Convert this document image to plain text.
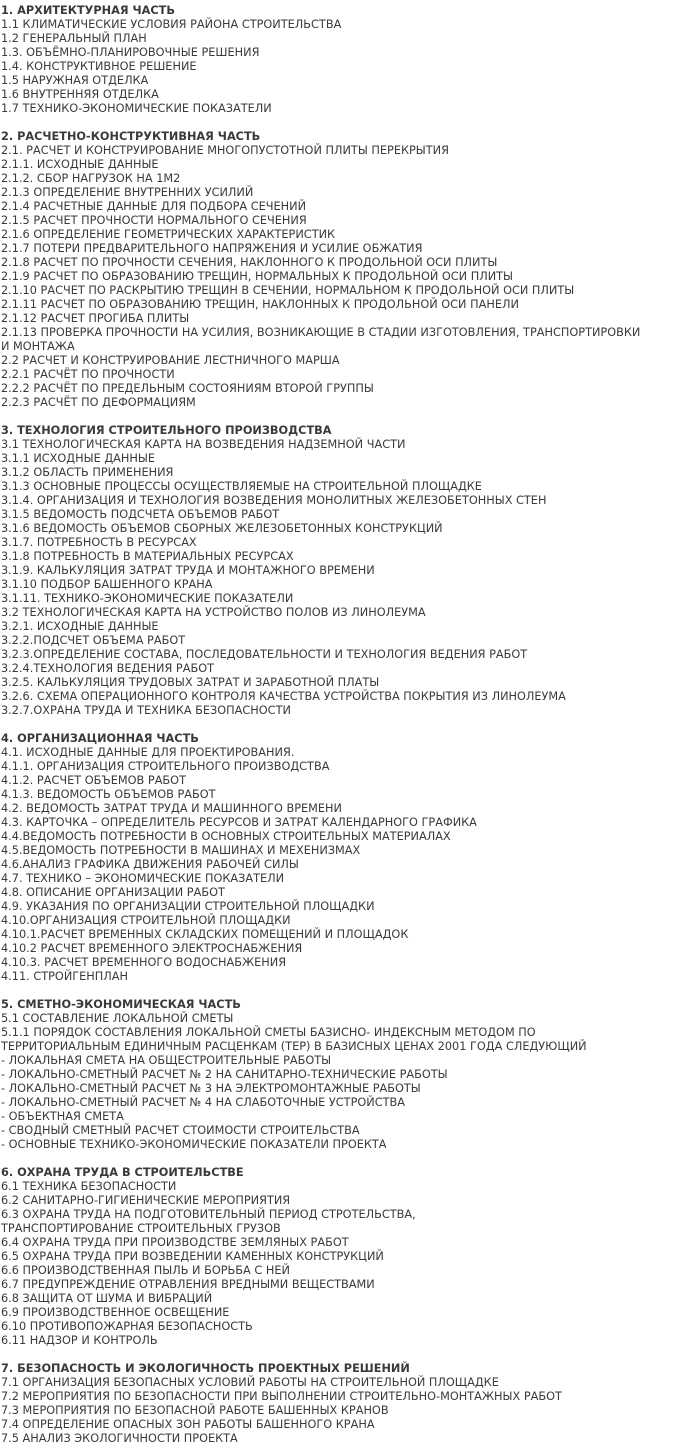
1. АРХИТЕКТУРНАЯ ЧАСТЬ
1.1 КЛИМАТИЧЕСКИЕ УСЛОВИЯ РАЙОНА СТРОИТЕЛЬСТВА
1.2 ГЕНЕРАЛЬНЫЙ ПЛАН
1.3. ОБЪЁМНО-ПЛАНИРОВОЧНЫЕ РЕШЕНИЯ
1.4. КОНСТРУКТИВНОЕ РЕШЕНИЕ
1.5 НАРУЖНАЯ ОТДЕЛКА
1.6 ВНУТРЕННЯЯ ОТДЕЛКА
1.7 ТЕХНИКО-ЭКОНОМИЧЕСКИЕ ПОКАЗАТЕЛИ
2. РАСЧЕТНО-КОНСТРУКТИВНАЯ ЧАСТЬ
2.1. РАСЧЕТ И КОНСТРУИРОВАНИЕ МНОГОПУСТОТНОЙ ПЛИТЫ ПЕРЕКРЫТИЯ
2.1.1. ИСХОДНЫЕ ДАННЫЕ
2.1.2. СБОР НАГРУЗОК НА 1М2
2.1.3 ОПРЕДЕЛЕНИЕ ВНУТРЕННИХ УСИЛИЙ
2.1.4 РАСЧЕТНЫЕ ДАННЫЕ ДЛЯ ПОДБОРА СЕЧЕНИЙ
2.1.5 РАСЧЕТ ПРОЧНОСТИ НОРМАЛЬНОГО СЕЧЕНИЯ
2.1.6 ОПРЕДЕЛЕНИЕ ГЕОМЕТРИЧЕСКИХ ХАРАКТЕРИСТИК
2.1.7 ПОТЕРИ ПРЕДВАРИТЕЛЬНОГО НАПРЯЖЕНИЯ И УСИЛИЕ ОБЖАТИЯ
2.1.8 РАСЧЕТ ПО ПРОЧНОСТИ СЕЧЕНИЯ, НАКЛОННОГО К ПРОДОЛЬНОЙ ОСИ ПЛИТЫ
2.1.9 РАСЧЕТ ПО ОБРАЗОВАНИЮ ТРЕЩИН, НОРМАЛЬНЫХ К ПРОДОЛЬНОЙ ОСИ ПЛИТЫ
2.1.10 РАСЧЕТ ПО РАСКРЫТИЮ ТРЕЩИН В СЕЧЕНИИ, НОРМАЛЬНОМ К ПРОДОЛЬНОЙ ОСИ ПЛИТЫ
2.1.11 РАСЧЕТ ПО ОБРАЗОВАНИЮ ТРЕЩИН, НАКЛОННЫХ К ПРОДОЛЬНОЙ ОСИ ПАНЕЛИ
2.1.12 РАСЧЕТ ПРОГИБА ПЛИТЫ
2.1.13 ПРОВЕРКА ПРОЧНОСТИ НА УСИЛИЯ, ВОЗНИКАЮЩИЕ В СТАДИИ ИЗГОТОВЛЕНИЯ, ТРАНСПОРТИРОВКИ И МОНТАЖА
2.2 РАСЧЕТ И КОНСТРУИРОВАНИЕ ЛЕСТНИЧНОГО МАРША
2.2.1 РАСЧЁТ ПО ПРОЧНОСТИ
2.2.2 РАСЧЁТ ПО ПРЕДЕЛЬНЫМ СОСТОЯНИЯМ ВТОРОЙ ГРУППЫ
2.2.3 РАСЧЁТ ПО ДЕФОРМАЦИЯМ
3. ТЕХНОЛОГИЯ СТРОИТЕЛЬНОГО ПРОИЗВОДСТВА
3.1 ТЕХНОЛОГИЧЕСКАЯ КАРТА НА ВОЗВЕДЕНИЯ НАДЗЕМНОЙ ЧАСТИ
3.1.1 ИСХОДНЫЕ ДАННЫЕ
3.1.2 ОБЛАСТЬ ПРИМЕНЕНИЯ
3.1.3 ОСНОВНЫЕ ПРОЦЕССЫ ОСУЩЕСТВЛЯЕМЫЕ НА СТРОИТЕЛЬНОЙ ПЛОЩАДКЕ
3.1.4. ОРГАНИЗАЦИЯ И ТЕХНОЛОГИЯ ВОЗВЕДЕНИЯ МОНОЛИТНЫХ ЖЕЛЕЗОБЕТОННЫХ СТЕН
3.1.5 ВЕДОМОСТЬ ПОДСЧЕТА ОБЪЕМОВ РАБОТ
3.1.6 ВЕДОМОСТЬ ОБЪЕМОВ СБОРНЫХ ЖЕЛЕЗОБЕТОННЫХ КОНСТРУКЦИЙ
3.1.7. ПОТРЕБНОСТЬ В РЕСУРСАХ
3.1.8 ПОТРЕБНОСТЬ В МАТЕРИАЛЬНЫХ РЕСУРСАХ
3.1.9. КАЛЬКУЛЯЦИЯ ЗАТРАТ ТРУДА И МОНТАЖНОГО ВРЕМЕНИ
3.1.10 ПОДБОР БАШЕННОГО КРАНА
3.1.11. ТЕХНИКО-ЭКОНОМИЧЕСКИЕ ПОКАЗАТЕЛИ
3.2 ТЕХНОЛОГИЧЕСКАЯ КАРТА НА УСТРОЙСТВО ПОЛОВ ИЗ ЛИНОЛЕУМА
3.2.1. ИСХОДНЫЕ ДАННЫЕ
3.2.2.ПОДСЧЕТ ОБЪЕМА РАБОТ
3.2.3.ОПРЕДЕЛЕНИЕ СОСТАВА, ПОСЛЕДОВАТЕЛЬНОСТИ И ТЕХНОЛОГИЯ ВЕДЕНИЯ РАБОТ
3.2.4.ТЕХНОЛОГИЯ ВЕДЕНИЯ РАБОТ
3.2.5. КАЛЬКУЛЯЦИЯ ТРУДОВЫХ ЗАТРАТ И ЗАРАБОТНОЙ ПЛАТЫ
3.2.6. СХЕМА ОПЕРАЦИОННОГО КОНТРОЛЯ КАЧЕСТВА УСТРОЙСТВА ПОКРЫТИЯ ИЗ ЛИНОЛЕУМА
3.2.7.ОХРАНА ТРУДА И ТЕХНИКА БЕЗОПАСНОСТИ
4. ОРГАНИЗАЦИОННАЯ ЧАСТЬ
4.1. ИСХОДНЫЕ ДАННЫЕ ДЛЯ ПРОЕКТИРОВАНИЯ.
4.1.1. ОРГАНИЗАЦИЯ СТРОИТЕЛЬНОГО ПРОИЗВОДСТВА
4.1.2. РАСЧЕТ ОБЪЕМОВ РАБОТ
4.1.3. ВЕДОМОСТЬ ОБЪЕМОВ РАБОТ
4.2. ВЕДОМОСТЬ ЗАТРАТ ТРУДА И МАШИННОГО ВРЕМЕНИ
4.3. КАРТОЧКА – ОПРЕДЕЛИТЕЛЬ РЕСУРСОВ И ЗАТРАТ КАЛЕНДАРНОГО ГРАФИКА
4.4.ВЕДОМОСТЬ ПОТРЕБНОСТИ В ОСНОВНЫХ СТРОИТЕЛЬНЫХ МАТЕРИАЛАХ
4.5.ВЕДОМОСТЬ ПОТРЕБНОСТИ В МАШИНАХ И МЕХЕНИЗМАХ
4.6.АНАЛИЗ ГРАФИКА ДВИЖЕНИЯ РАБОЧЕЙ СИЛЫ
4.7. ТЕХНИКО – ЭКОНОМИЧЕСКИЕ ПОКАЗАТЕЛИ
4.8. ОПИСАНИЕ ОРГАНИЗАЦИИ РАБОТ
4.9. УКАЗАНИЯ ПО ОРГАНИЗАЦИИ СТРОИТЕЛЬНОЙ ПЛОЩАДКИ
4.10.ОРГАНИЗАЦИЯ СТРОИТЕЛЬНОЙ ПЛОЩАДКИ
4.10.1.РАСЧЕТ ВРЕМЕННЫХ СКЛАДСКИХ ПОМЕЩЕНИЙ И ПЛОЩАДОК
4.10.2 РАСЧЕТ ВРЕМЕННОГО ЭЛЕКТРОСНАБЖЕНИЯ
4.10.3. РАСЧЕТ ВРЕМЕННОГО ВОДОСНАБЖЕНИЯ
4.11. СТРОЙГЕНПЛАН
5. СМЕТНО-ЭКОНОМИЧЕСКАЯ ЧАСТЬ
5.1 СОСТАВЛЕНИЕ ЛОКАЛЬНОЙ СМЕТЫ
5.1.1 ПОРЯДОК СОСТАВЛЕНИЯ ЛОКАЛЬНОЙ СМЕТЫ БАЗИСНО- ИНДЕКСНЫМ МЕТОДОМ ПО ТЕРРИТОРИАЛЬНЫМ ЕДИНИЧНЫМ РАСЦЕНКАМ (ТЕР) В БАЗИСНЫХ ЦЕНАХ 2001 ГОДА СЛЕДУЮЩИЙ
- ЛОКАЛЬНАЯ СМЕТА НА ОБЩЕСТРОИТЕЛЬНЫЕ РАБОТЫ
- ЛОКАЛЬНО-СМЕТНЫЙ РАСЧЕТ № 2 НА САНИТАРНО-ТЕХНИЧЕСКИЕ РАБОТЫ
- ЛОКАЛЬНО-СМЕТНЫЙ РАСЧЕТ № 3 НА ЭЛЕКТРОМОНТАЖНЫЕ РАБОТЫ
- ЛОКАЛЬНО-СМЕТНЫЙ РАСЧЕТ № 4 НА СЛАБОТОЧНЫЕ УСТРОЙСТВА
- ОБЪЕКТНАЯ СМЕТА
- СВОДНЫЙ СМЕТНЫЙ РАСЧЕТ СТОИМОСТИ СТРОИТЕЛЬСТВА
- ОСНОВНЫЕ ТЕХНИКО-ЭКОНОМИЧЕСКИЕ ПОКАЗАТЕЛИ ПРОЕКТА
6. ОХРАНА ТРУДА В СТРОИТЕЛЬСТВЕ
6.1 ТЕХНИКА БЕЗОПАСНОСТИ
6.2 САНИТАРНО-ГИГИЕНИЧЕСКИЕ МЕРОПРИЯТИЯ
6.3 ОХРАНА ТРУДА НА ПОДГОТОВИТЕЛЬНЫЙ ПЕРИОД СТРОТЕЛЬСТВА,
ТРАНСПОРТИРОВАНИЕ СТРОИТЕЛЬНЫХ ГРУЗОВ
6.4 ОХРАНА ТРУДА ПРИ ПРОИЗВОДСТВЕ ЗЕМЛЯНЫХ РАБОТ
6.5 ОХРАНА ТРУДА ПРИ ВОЗВЕДЕНИИ КАМЕННЫХ КОНСТРУКЦИЙ
6.6 ПРОИЗВОДСТВЕННАЯ ПЫЛЬ И БОРЬБА С НЕЙ
6.7 ПРЕДУПРЕЖДЕНИЕ ОТРАВЛЕНИЯ ВРЕДНЫМИ ВЕЩЕСТВАМИ
6.8 ЗАЩИТА ОТ ШУМА И ВИБРАЦИЙ
6.9 ПРОИЗВОДСТВЕННОЕ ОСВЕЩЕНИЕ
6.10 ПРОТИВОПОЖАРНАЯ БЕЗОПАСНОСТЬ
6.11 НАДЗОР И КОНТРОЛЬ
7. БЕЗОПАСНОСТЬ И ЭКОЛОГИЧНОСТЬ ПРОЕКТНЫХ РЕШЕНИЙ
7.1 ОРГАНИЗАЦИЯ БЕЗОПАСНЫХ УСЛОВИЙ РАБОТЫ НА СТРОИТЕЛЬНОЙ ПЛОЩАДКЕ
7.2 МЕРОПРИЯТИЯ ПО БЕЗОПАСНОСТИ ПРИ ВЫПОЛНЕНИИ СТРОИТЕЛЬНО-МОНТАЖНЫХ РАБОТ
7.3 МЕРОПРИЯТИЯ ПО БЕЗОПАСНОЙ РАБОТЕ БАШЕННЫХ КРАНОВ
7.4 ОПРЕДЕЛЕНИЕ ОПАСНЫХ ЗОН РАБОТЫ БАШЕННОГО КРАНА
7.5 АНАЛИЗ ЭКОЛОГИЧНОСТИ ПРОЕКТА
